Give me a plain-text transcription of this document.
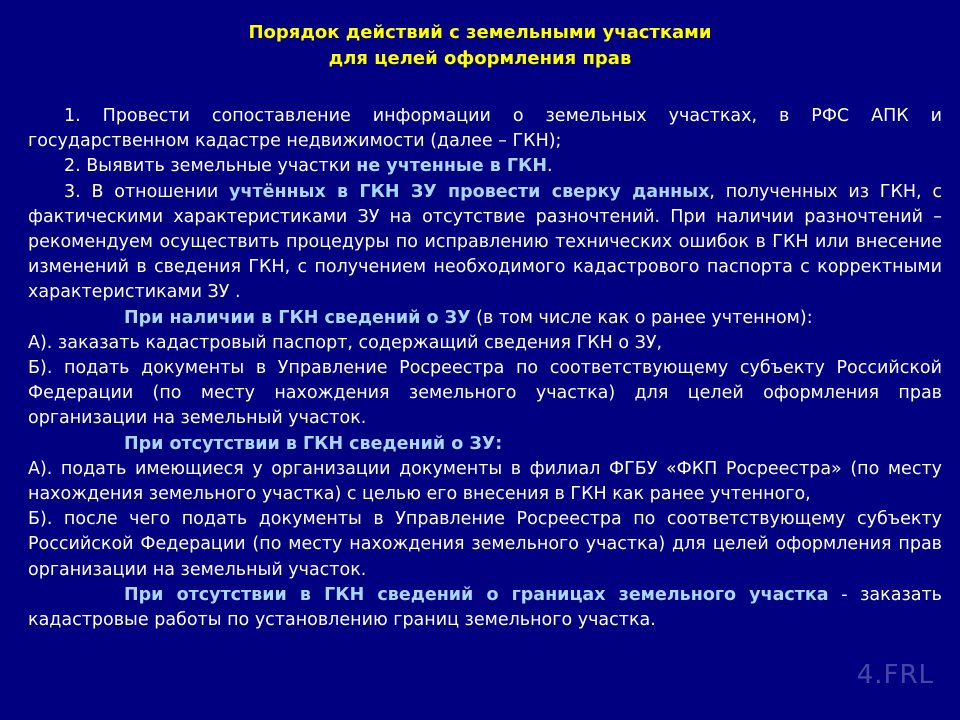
Порядок действий с земельными участками
для целей оформления прав

1. Провести сопоставление информации о земельных участках, в РФС АПК и государственном кадастре недвижимости (далее – ГКН);

2. Выявить земельные участки не учтенные в ГКН.

3. В отношении учтённых в ГКН ЗУ провести сверку данных, полученных из ГКН, с фактическими характеристиками ЗУ на отсутствие разночтений. При наличии разночтений – рекомендуем осуществить процедуры по исправлению технических ошибок в ГКН или внесение изменений в сведения ГКН, с получением необходимого кадастрового паспорта с корректными характеристиками ЗУ .

При наличии в ГКН сведений о ЗУ (в том числе как о ранее учтенном):

А). заказать кадастровый паспорт, содержащий сведения ГКН о ЗУ,

Б). подать документы в Управление Росреестра по соответствующему субъекту Российской Федерации (по месту нахождения земельного участка) для целей оформления прав организации на земельный участок.

При отсутствии в ГКН сведений о ЗУ:

А). подать имеющиеся у организации документы в филиал ФГБУ «ФКП Росреестра» (по месту нахождения земельного участка) с целью его внесения в ГКН как ранее учтенного,

Б). после чего подать документы в Управление Росреестра по соответствующему субъекту Российской Федерации (по месту нахождения земельного участка) для целей оформления прав организации на земельный участок.

При отсутствии в ГКН сведений о границах земельного участка - заказать кадастровые работы по установлению границ земельного участка.

4.FRL
